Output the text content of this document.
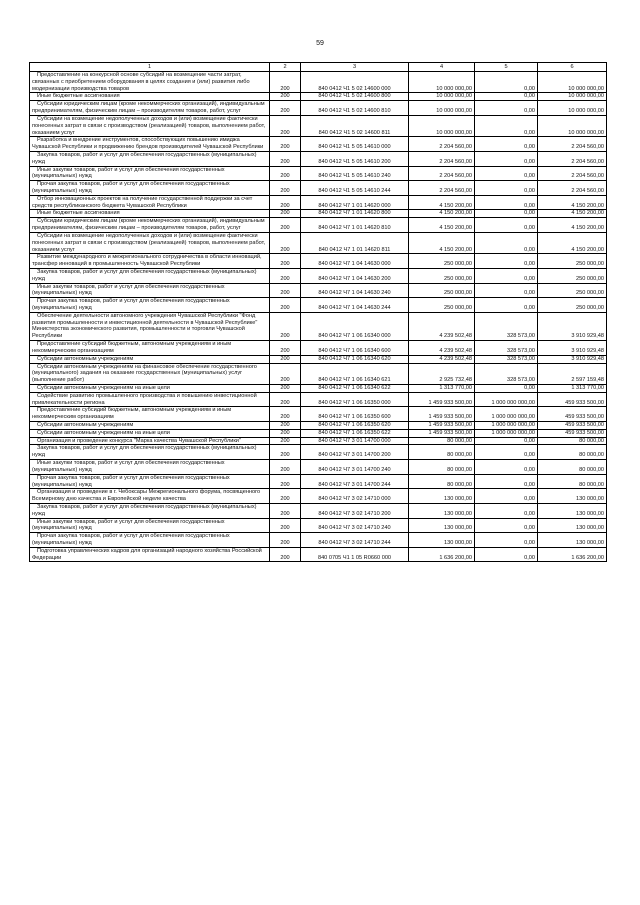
59
1	2	3	4	5	6
Предоставление на конкурсной основе субсидий на возмещение части затрат, связанных с приобретением оборудования в целях создания и (или) развития либо модернизации производства товаров	200	840 0412 Ч1 5 02 14600 000	10 000 000,00	0,00	10 000 000,00
Иные бюджетные ассигнования	200	840 0412 Ч1 5 02 14600 800	10 000 000,00	0,00	10 000 000,00
Субсидии юридическим лицам (кроме некоммерческих организаций), индивидуальным предпринимателям, физическим лицам – производителям товаров, работ, услуг	200	840 0412 Ч1 5 02 14600 810	10 000 000,00	0,00	10 000 000,00
Субсидии на возмещение недополученных доходов и (или) возмещение фактически понесенных затрат в связи с производством (реализацией) товаров, выполнением работ, оказанием услуг	200	840 0412 Ч1 5 02 14600 811	10 000 000,00	0,00	10 000 000,00
Разработка и внедрение инструментов, способствующих повышению имиджа Чувашской Республики и продвижению брендов производителей Чувашской Республики	200	840 0412 Ч1 5 05 14610 000	2 204 560,00	0,00	2 204 560,00
Закупка товаров, работ и услуг для обеспечения государственных (муниципальных) нужд	200	840 0412 Ч1 5 05 14610 200	2 204 560,00	0,00	2 204 560,00
Иные закупки товаров, работ и услуг для обеспечения государственных (муниципальных) нужд	200	840 0412 Ч1 5 05 14610 240	2 204 560,00	0,00	2 204 560,00
Прочая закупка товаров, работ и услуг для обеспечения государственных (муниципальных) нужд	200	840 0412 Ч1 5 05 14610 244	2 204 560,00	0,00	2 204 560,00
Отбор инновационных проектов на получение государственной поддержки за счет средств республиканского бюджета Чувашской Республики	200	840 0412 Ч7 1 01 14620 000	4 150 200,00	0,00	4 150 200,00
Иные бюджетные ассигнования	200	840 0412 Ч7 1 01 14620 800	4 150 200,00	0,00	4 150 200,00
Субсидии юридическим лицам (кроме некоммерческих организаций), индивидуальным предпринимателям, физическим лицам – производителям товаров, работ, услуг	200	840 0412 Ч7 1 01 14620 810	4 150 200,00	0,00	4 150 200,00
Субсидии на возмещение недополученных доходов и (или) возмещение фактически понесенных затрат в связи с производством (реализацией) товаров, выполнением работ, оказанием услуг	200	840 0412 Ч7 1 01 14620 811	4 150 200,00	0,00	4 150 200,00
Развитие международного и межрегионального сотрудничества в области инноваций, трансфер инноваций в промышленность Чувашской Республики	200	840 0412 Ч7 1 04 14630 000	250 000,00	0,00	250 000,00
Закупка товаров, работ и услуг для обеспечения государственных (муниципальных) нужд	200	840 0412 Ч7 1 04 14630 200	250 000,00	0,00	250 000,00
Иные закупки товаров, работ и услуг для обеспечения государственных (муниципальных) нужд	200	840 0412 Ч7 1 04 14630 240	250 000,00	0,00	250 000,00
Прочая закупка товаров, работ и услуг для обеспечения государственных (муниципальных) нужд	200	840 0412 Ч7 1 04 14630 244	250 000,00	0,00	250 000,00
Обеспечение деятельности автономного учреждения Чувашской Республики "Фонд развития промышленности и инвестиционной деятельности в Чувашской Республике" Министерства экономического развития, промышленности и торговли Чувашской Республики	200	840 0412 Ч7 1 06 16340 000	4 239 502,48	328 573,00	3 910 929,48
Предоставление субсидий бюджетным, автономным учреждениям и иным некоммерческим организациям	200	840 0412 Ч7 1 06 16340 600	4 239 502,48	328 573,00	3 910 929,48
Субсидии автономным учреждениям	200	840 0412 Ч7 1 06 16340 620	4 239 502,48	328 573,00	3 910 929,48
Субсидии автономным учреждениям на финансовое обеспечение государственного (муниципального) задания на оказание государственных (муниципальных) услуг (выполнение работ)	200	840 0412 Ч7 1 06 16340 621	2 925 732,48	328 573,00	2 597 159,48
Субсидии автономным учреждениям на иные цели	200	840 0412 Ч7 1 06 16340 622	1 313 770,00	0,00	1 313 770,00
Содействие развитию промышленного производства и повышению инвестиционной привлекательности региона	200	840 0412 Ч7 1 06 16350 000	1 459 933 500,00	1 000 000 000,00	459 933 500,00
Предоставление субсидий бюджетным, автономным учреждениям и иным некоммерческим организациям	200	840 0412 Ч7 1 06 16350 600	1 459 933 500,00	1 000 000 000,00	459 933 500,00
Субсидии автономным учреждениям	200	840 0412 Ч7 1 06 16350 620	1 459 933 500,00	1 000 000 000,00	459 933 500,00
Субсидии автономным учреждениям на иные цели	200	840 0412 Ч7 1 06 16350 622	1 459 933 500,00	1 000 000 000,00	459 933 500,00
Организация и проведение конкурса "Марка качества Чувашской Республики"	200	840 0412 Ч7 3 01 14700 000	80 000,00	0,00	80 000,00
Закупка товаров, работ и услуг для обеспечения государственных (муниципальных) нужд	200	840 0412 Ч7 3 01 14700 200	80 000,00	0,00	80 000,00
Иные закупки товаров, работ и услуг для обеспечения государственных (муниципальных) нужд	200	840 0412 Ч7 3 01 14700 240	80 000,00	0,00	80 000,00
Прочая закупка товаров, работ и услуг для обеспечения государственных (муниципальных) нужд	200	840 0412 Ч7 3 01 14700 244	80 000,00	0,00	80 000,00
Организация и проведение в г. Чебоксары Межрегионального форума, посвященного Всемирному дню качества и Европейской неделе качества	200	840 0412 Ч7 3 02 14710 000	130 000,00	0,00	130 000,00
Закупка товаров, работ и услуг для обеспечения государственных (муниципальных) нужд	200	840 0412 Ч7 3 02 14710 200	130 000,00	0,00	130 000,00
Иные закупки товаров, работ и услуг для обеспечения государственных (муниципальных) нужд	200	840 0412 Ч7 3 02 14710 240	130 000,00	0,00	130 000,00
Прочая закупка товаров, работ и услуг для обеспечения государственных (муниципальных) нужд	200	840 0412 Ч7 3 02 14710 244	130 000,00	0,00	130 000,00
Подготовка управленческих кадров для организаций народного хозяйства Российской Федерации	200	840 0705 Ч1 1 05 R0660 000	1 636 200,00	0,00	1 636 200,00
